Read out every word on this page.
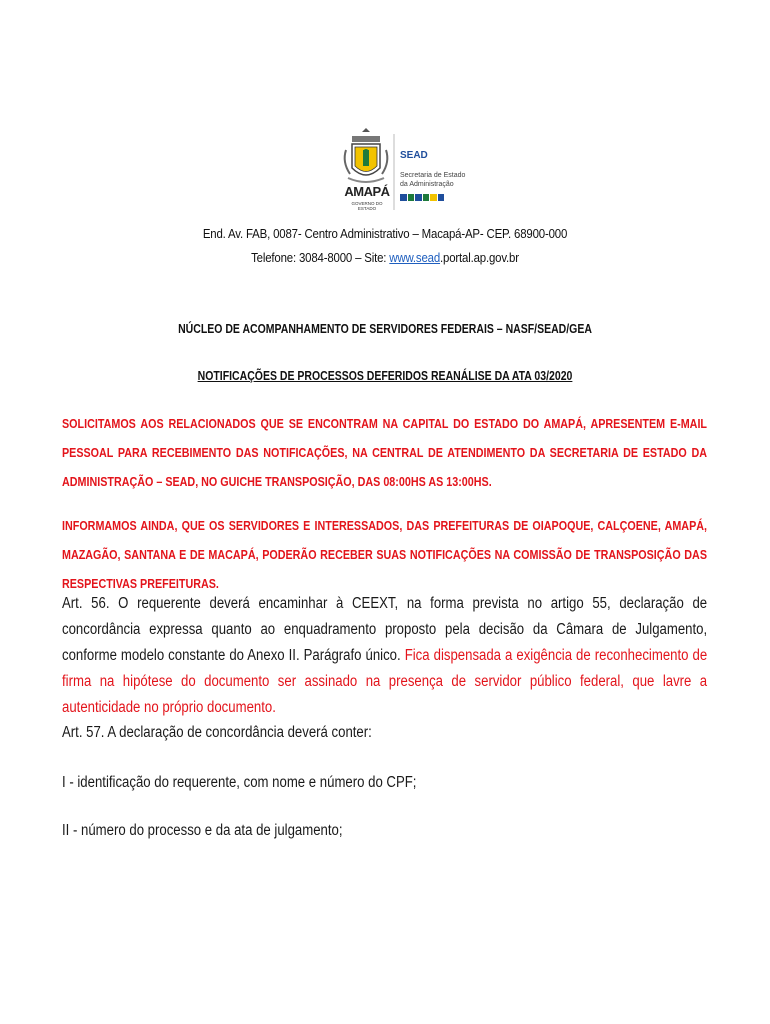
AMAPÁ
GOVERNO DO ESTADO
SEAD
Secretaria de Estado
da Administração
End. Av. FAB, 0087- Centro Administrativo – Macapá-AP- CEP. 68900-000
Telefone: 3084-8000 – Site: www.sead.portal.ap.gov.br
NÚCLEO DE ACOMPANHAMENTO DE SERVIDORES FEDERAIS – NASF/SEAD/GEA
NOTIFICAÇÕES DE PROCESSOS DEFERIDOS REANÁLISE DA ATA 03/2020
SOLICITAMOS AOS RELACIONADOS QUE SE ENCONTRAM NA CAPITAL DO ESTADO DO AMAPÁ, APRESENTEM E-MAIL PESSOAL PARA RECEBIMENTO DAS NOTIFICAÇÕES, NA CENTRAL DE ATENDIMENTO DA SECRETARIA DE ESTADO DA ADMINISTRAÇÃO – SEAD, NO GUICHE TRANSPOSIÇÃO, DAS 08:00HS AS 13:00HS.
INFORMAMOS AINDA, QUE OS SERVIDORES E INTERESSADOS, DAS PREFEITURAS DE OIAPOQUE, CALÇOENE, AMAPÁ, MAZAGÃO, SANTANA E DE MACAPÁ, PODERÃO RECEBER SUAS NOTIFICAÇÕES NA COMISSÃO DE TRANSPOSIÇÃO DAS RESPECTIVAS PREFEITURAS.
Art. 56. O requerente deverá encaminhar à CEEXT, na forma prevista no artigo 55, declaração de concordância expressa quanto ao enquadramento proposto pela decisão da Câmara de Julgamento, conforme modelo constante do Anexo II. Parágrafo único. Fica dispensada a exigência de reconhecimento de firma na hipótese do documento ser assinado na presença de servidor público federal, que lavre a autenticidade no próprio documento.
Art. 57. A declaração de concordância deverá conter:
I - identificação do requerente, com nome e número do CPF;
II - número do processo e da ata de julgamento;
